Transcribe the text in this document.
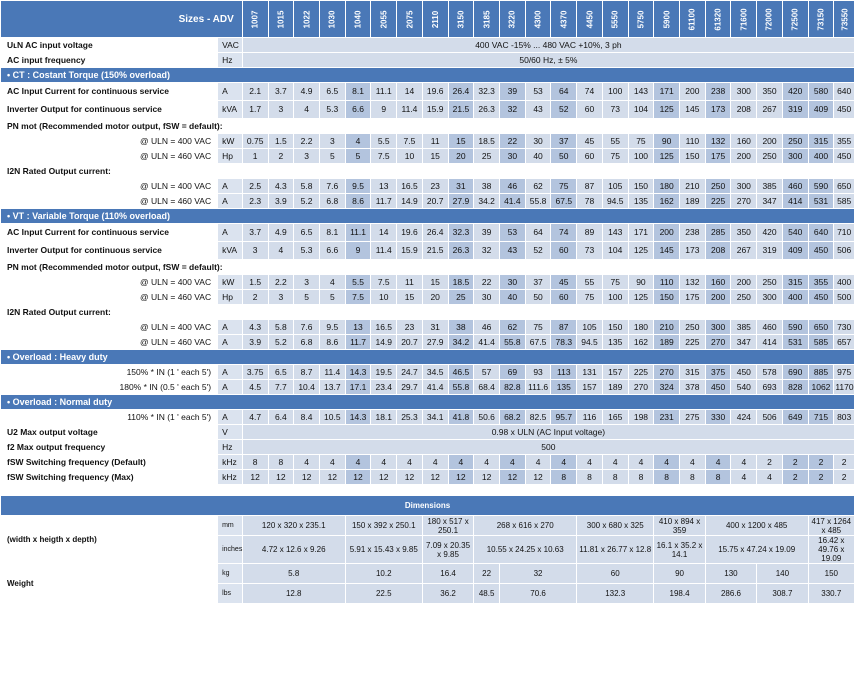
Sizes - ADV		1007	1015	1022	1030	1040	2055	2075	2110	3150	3185	3220	4300	4370	4450	5550	5750	5900	61100	61320	71600	72000	72500	73150	73550
UʟN AC input voltage	VAC	400 VAC -15% ... 480 VAC +10%, 3 ph																							
AC input frequency	Hz	50/60 Hz, ± 5%																							
• CT : Costant Torque (150% overload)																									
AC Input Current for continuous service	A	2.1	3.7	4.9	6.5	8.1	11.1	14	19.6	26.4	32.3	39	53	64	74	100	143	171	200	238	300	350	420	580	640
Inverter Output for continuous service	kVA	1.7	3	4	5.3	6.6	9	11.4	15.9	21.5	26.3	32	43	52	60	73	104	125	145	173	208	267	319	409	450
PN mot (Recommended motor output, fSW = default):																									
@ ULN = 400 VAC	kW	0.75	1.5	2.2	3	4	5.5	7.5	11	15	18.5	22	30	37	45	55	75	90	110	132	160	200	250	315	355
@ ULN = 460 VAC	Hp	1	2	3	5	5	7.5	10	15	20	25	30	40	50	60	75	100	125	150	175	200	250	300	400	450
I2N Rated Output current:																									
@ ULN = 400 VAC	A	2.5	4.3	5.8	7.6	9.5	13	16.5	23	31	38	46	62	75	87	105	150	180	210	250	300	385	460	590	650
@ ULN = 460 VAC	A	2.3	3.9	5.2	6.8	8.6	11.7	14.9	20.7	27.9	34.2	41.4	55.8	67.5	78	94.5	135	162	189	225	270	347	414	531	585
• VT : Variable Torque (110% overload)																									
AC Input Current for continuous service	A	3.7	4.9	6.5	8.1	11.1	14	19.6	26.4	32.3	39	53	64	74	89	143	171	200	238	285	350	420	540	640	710
Inverter Output for continuous service	kVA	3	4	5.3	6.6	9	11.4	15.9	21.5	26.3	32	43	52	60	73	104	125	145	173	208	267	319	409	450	506
PN mot (Recommended motor output, fSW = default):																									
@ ULN = 400 VAC	kW	1.5	2.2	3	4	5.5	7.5	11	15	18.5	22	30	37	45	55	75	90	110	132	160	200	250	315	355	400
@ ULN = 460 VAC	Hp	2	3	5	5	7.5	10	15	20	25	30	40	50	60	75	100	125	150	175	200	250	300	400	450	500
I2N Rated Output current:																									
@ ULN = 400 VAC	A	4.3	5.8	7.6	9.5	13	16.5	23	31	38	46	62	75	87	105	150	180	210	250	300	385	460	590	650	730
@ ULN = 460 VAC	A	3.9	5.2	6.8	8.6	11.7	14.9	20.7	27.9	34.2	41.4	55.8	67.5	78.3	94.5	135	162	189	225	270	347	414	531	585	657
• Overload : Heavy duty																									
150% * IN (1 ' each 5')	A	3.75	6.5	8.7	11.4	14.3	19.5	24.7	34.5	46.5	57	69	93	113	131	157	225	270	315	375	450	578	690	885	975
180% * IN (0.5 ' each 5')	A	4.5	7.7	10.4	13.7	17.1	23.4	29.7	41.4	55.8	68.4	82.8	111.6	135	157	189	270	324	378	450	540	693	828	1062	1170
• Overload : Normal duty																									
110% * IN (1 ' each 5')	A	4.7	6.4	8.4	10.5	14.3	18.1	25.3	34.1	41.8	50.6	68.2	82.5	95.7	116	165	198	231	275	330	424	506	649	715	803
U2 Max output voltage	V	0.98 x ULN (AC Input voltage)																							
f2 Max output frequency	Hz	500																							
fSW Switching frequency (Default)	kHz	8	8	4	4	4	4	4	4	4	4	4	4	4	4	4	4	4	4	4	4	2	2	2	2
fSW Switching frequency (Max)	kHz	12	12	12	12	12	12	12	12	12	12	12	12	8	8	8	8	8	8	8	4	4	2	2	2
Dimensions											
(width x heigth x depth)	mm	120 x 320 x 235.1	150 x 392 x 250.1	180 x 517 x 250.1	268 x 616 x 270		300 x 680 x 325	410 x 894 x 359	400 x 1200 x 485		417 x 1264 x 485
	inches	4.72 x 12.6 x 9.26	5.91 x 15.43 x 9.85	7.09 x 20.35 x 9.85	10.55 x 24.25 x 10.63		11.81 x 26.77 x 12.8	16.1 x 35.2 x 14.1	15.75 x 47.24 x 19.09		16.42 x 49.76 x 19.09
Weight	kg	5.8	10.2	16.4	22	32	60	90	130	140	150
	lbs	12.8	22.5	36.2	48.5	70.6	132.3	198.4	286.6	308.7	330.7
